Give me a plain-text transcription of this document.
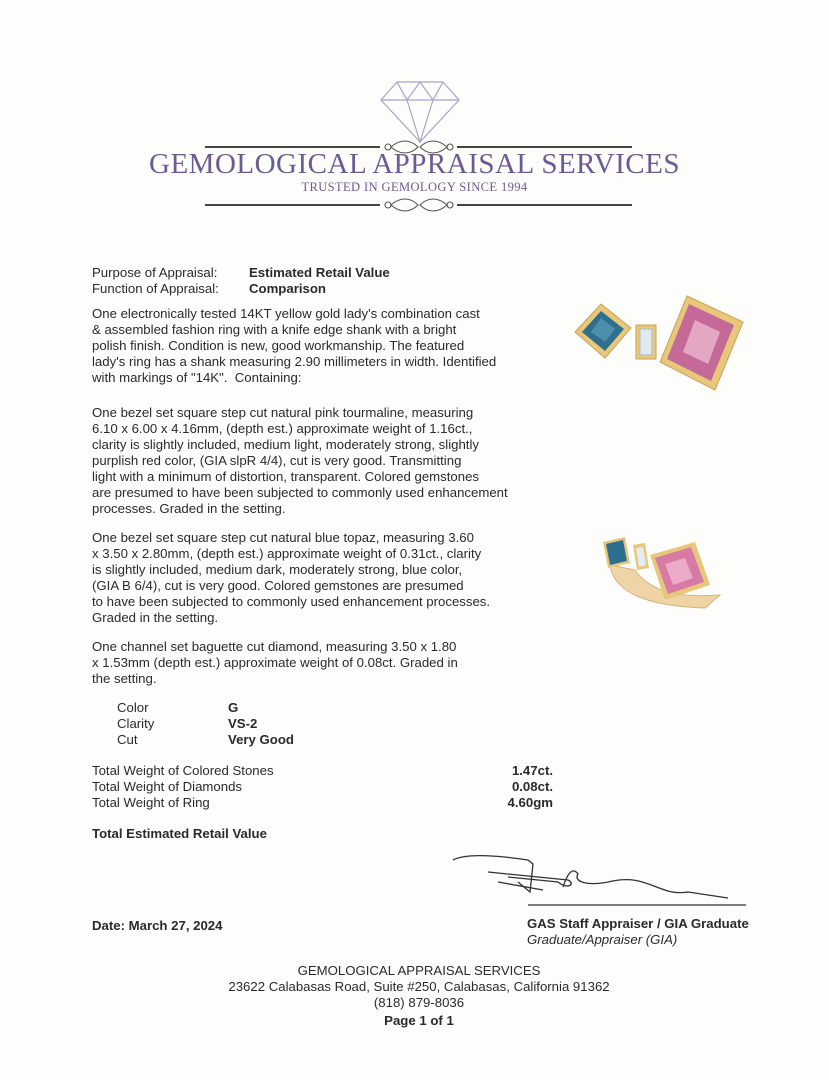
GEMOLOGICAL APPRAISAL SERVICES
TRUSTED IN GEMOLOGY SINCE 1994
Purpose of Appraisal: Estimated Retail Value
Function of Appraisal: Comparison
One electronically tested 14KT yellow gold lady's combination cast
& assembled fashion ring with a knife edge shank with a bright
polish finish. Condition is new, good workmanship. The featured
lady's ring has a shank measuring 2.90 millimeters in width. Identified
with markings of "14K".  Containing:
One bezel set square step cut natural pink tourmaline, measuring
6.10 x 6.00 x 4.16mm, (depth est.) approximate weight of 1.16ct.,
clarity is slightly included, medium light, moderately strong, slightly
purplish red color, (GIA slpR 4/4), cut is very good. Transmitting
light with a minimum of distortion, transparent. Colored gemstones
are presumed to have been subjected to commonly used enhancement
processes. Graded in the setting.
One bezel set square step cut natural blue topaz, measuring 3.60
x 3.50 x 2.80mm, (depth est.) approximate weight of 0.31ct., clarity
is slightly included, medium dark, moderately strong, blue color,
(GIA B 6/4), cut is very good. Colored gemstones are presumed
to have been subjected to commonly used enhancement processes.
Graded in the setting.
One channel set baguette cut diamond, measuring 3.50 x 1.80
x 1.53mm (depth est.) approximate weight of 0.08ct. Graded in
the setting.
Color	G
Clarity	VS-2
Cut	Very Good
Total Weight of Colored Stones	1.47ct.
Total Weight of Diamonds	0.08ct.
Total Weight of Ring	4.60gm
Total Estimated Retail Value
Date: March 27, 2024	GAS Staff Appraiser / GIA Graduate
Graduate/Appraiser (GIA)
GEMOLOGICAL APPRAISAL SERVICES
23622 Calabasas Road, Suite #250, Calabasas, California 91362
(818) 879-8036
Page 1 of 1
